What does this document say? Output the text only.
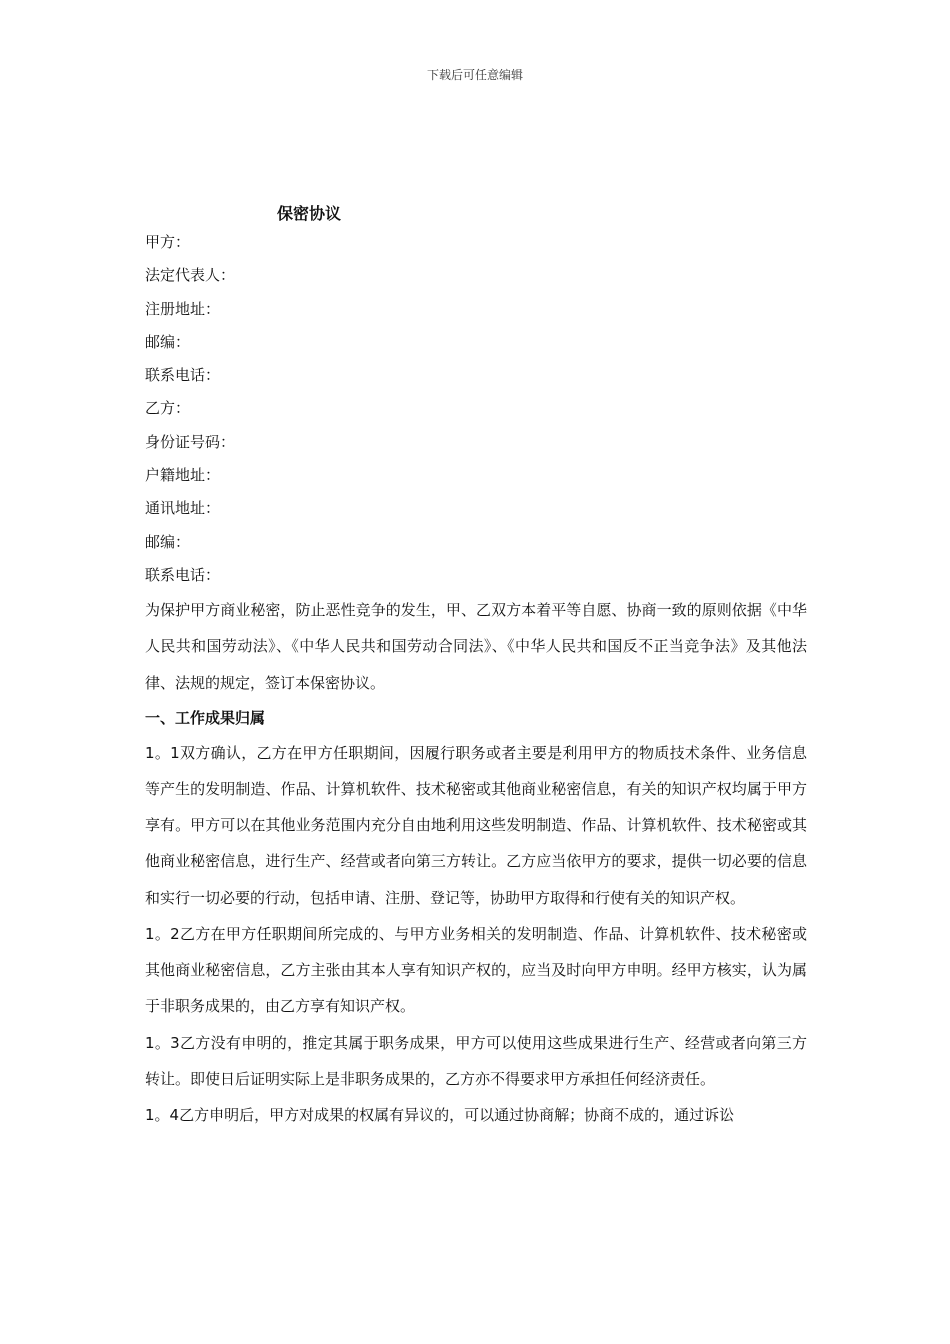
下载后可任意编辑
保密协议
甲方：
法定代表人：
注册地址：
邮编：
联系电话：
乙方：
身份证号码：
户籍地址：
通讯地址：
邮编：
联系电话：
为保护甲方商业秘密，防止恶性竞争的发生，甲、乙双方本着平等自愿、协商一致的原则依据《中华人民共和国劳动法》、《中华人民共和国劳动合同法》、《中华人民共和国反不正当竞争法》及其他法律、法规的规定，签订本保密协议。
一、工作成果归属
1。1双方确认，乙方在甲方任职期间，因履行职务或者主要是利用甲方的物质技术条件、业务信息等产生的发明制造、作品、计算机软件、技术秘密或其他商业秘密信息，有关的知识产权均属于甲方享有。甲方可以在其他业务范围内充分自由地利用这些发明制造、作品、计算机软件、技术秘密或其他商业秘密信息，进行生产、经营或者向第三方转让。乙方应当依甲方的要求，提供一切必要的信息和实行一切必要的行动，包括申请、注册、登记等，协助甲方取得和行使有关的知识产权。
1。2乙方在甲方任职期间所完成的、与甲方业务相关的发明制造、作品、计算机软件、技术秘密或其他商业秘密信息，乙方主张由其本人享有知识产权的，应当及时向甲方申明。经甲方核实，认为属于非职务成果的，由乙方享有知识产权。
1。3乙方没有申明的，推定其属于职务成果，甲方可以使用这些成果进行生产、经营或者向第三方转让。即使日后证明实际上是非职务成果的，乙方亦不得要求甲方承担任何经济责任。
1。4乙方申明后，甲方对成果的权属有异议的，可以通过协商解；协商不成的，通过诉讼
